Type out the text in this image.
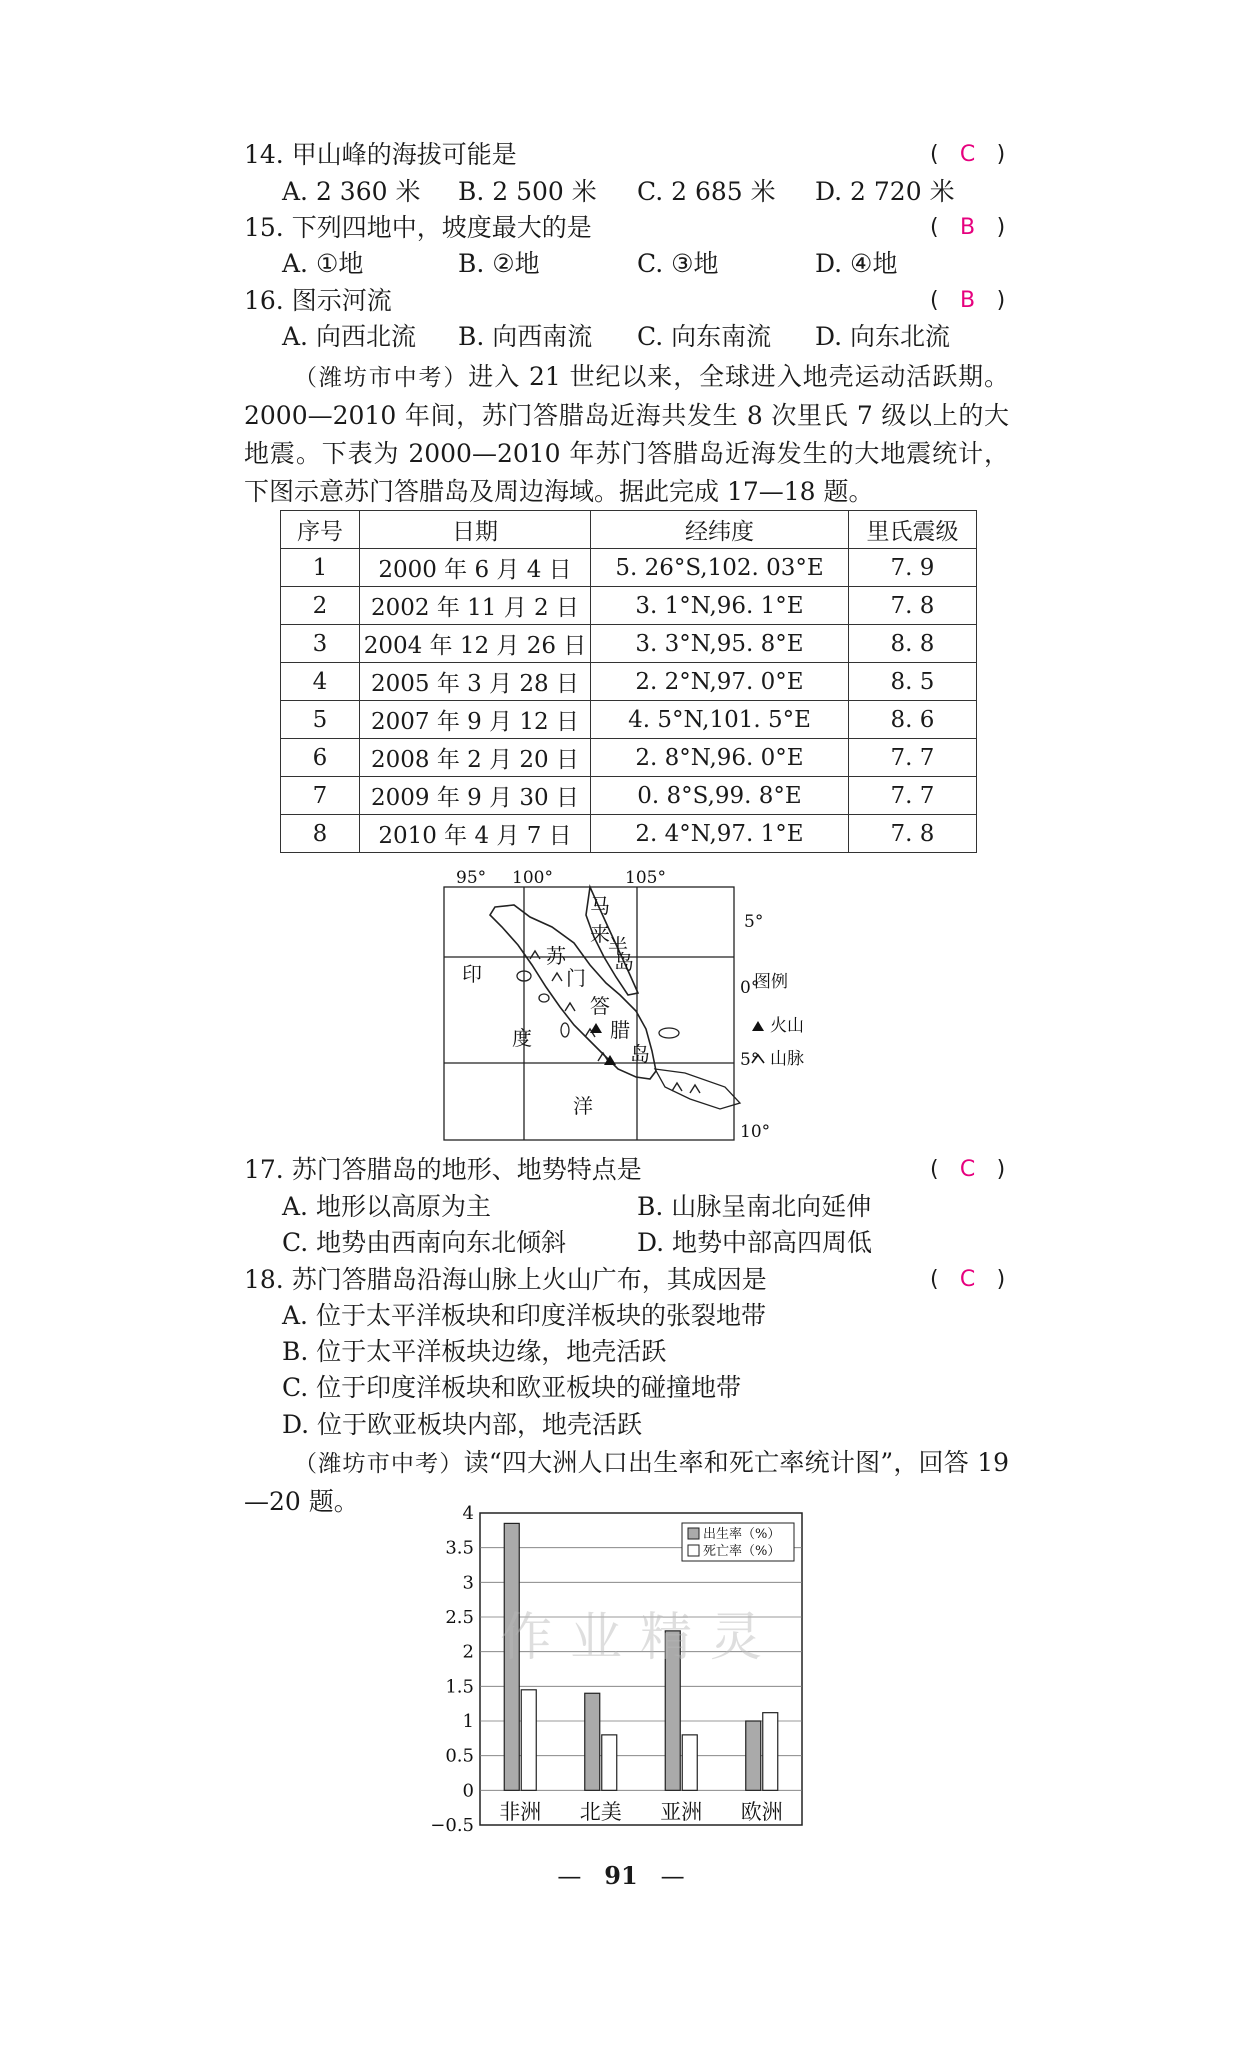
14. 甲山峰的海拔可能是	( C )
A. 2 360 米 B. 2 500 米 C. 2 685 米 D. 2 720 米
15. 下列四地中，坡度最大的是	( B )
A. ①地	B. ②地	C. ③地	D. ④地
16. 图示河流	( B )
A. 向西北流 B. 向西南流 C. 向东南流 D. 向东北流
（潍坊市中考）进入 21 世纪以来，全球进入地壳运动活跃期。2000—2010 年间，苏门答腊岛近海共发生 8 次里氏 7 级以上的大地震。下表为 2000—2010 年苏门答腊岛近海发生的大地震统计，下图示意苏门答腊岛及周边海域。据此完成 17—18 题。
序号	日期	经纬度	里氏震级
1	2000 年 6 月 4 日	5. 26°S,102. 03°E	7. 9
2	2002 年 11 月 2 日	3. 1°N,96. 1°E	7. 8
3	2004 年 12 月 26 日	3. 3°N,95. 8°E	8. 8
4	2005 年 3 月 28 日	2. 2°N,97. 0°E	8. 5
5	2007 年 9 月 12 日	4. 5°N,101. 5°E	8. 6
6	2008 年 2 月 20 日	2. 8°N,96. 0°E	7. 7
7	2009 年 9 月 30 日	0. 8°S,99. 8°E	7. 7
8	2010 年 4 月 7 日	2. 4°N,97. 1°E	7. 8
95° 100°	105°
5°
0°
5°
10°
印
度
洋
马
来
半
岛
苏
门
答
腊
岛
图例
火山
山脉
17. 苏门答腊岛的地形、地势特点是	( C )
A. 地形以高原为主	B. 山脉呈南北向延伸
C. 地势由西南向东北倾斜	D. 地势中部高四周低
18. 苏门答腊岛沿海山脉上火山广布，其成因是	( C )
A. 位于太平洋板块和印度洋板块的张裂地带
B. 位于太平洋板块边缘，地壳活跃
C. 位于印度洋板块和欧亚板块的碰撞地带
D. 位于欧亚板块内部，地壳活跃
（潍坊市中考）读“四大洲人口出生率和死亡率统计图”，回答 19—20 题。	4
3.5
3
2.5
2
1.5
1
0.5
0
−0.5
非洲 北美 亚洲 欧洲
出生率（%）
死亡率（%）
作业精灵
— 91 —
